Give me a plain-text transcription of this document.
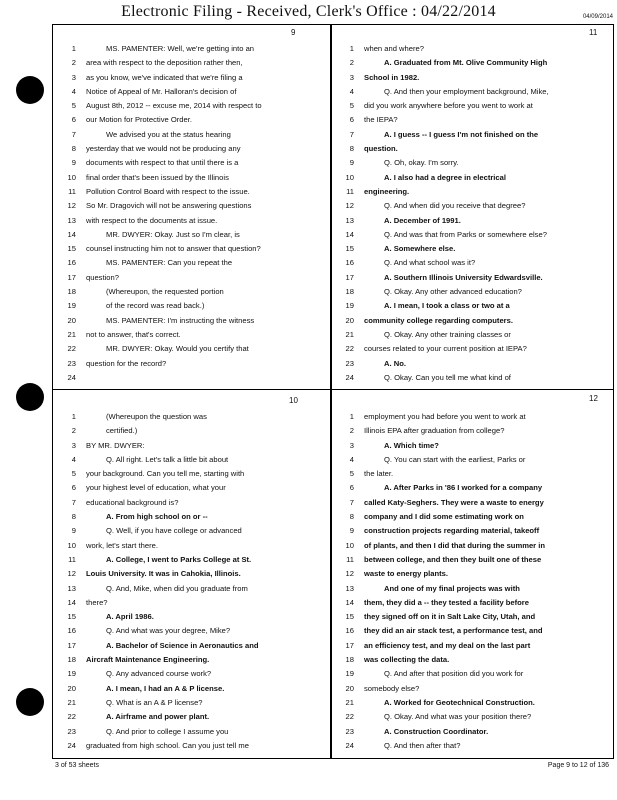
Electronic Filing - Received, Clerk's Office : 04/22/2014	04/09/2014
9
1	MS. PAMENTER: Well, we're getting into an
2 area with respect to the deposition rather then,
3 as you know, we've indicated that we're filing a
4 Notice of Appeal of Mr. Halloran's decision of
5 August 8th, 2012 -- excuse me, 2014 with respect to
6 our Motion for Protective Order.
7	We advised you at the status hearing
8 yesterday that we would not be producing any
9 documents with respect to that until there is a
10 final order that's been issued by the Illinois
11 Pollution Control Board with respect to the issue.
12 So Mr. Dragovich will not be answering questions
13 with respect to the documents at issue.
14	MR. DWYER: Okay. Just so I'm clear, is
15 counsel instructing him not to answer that question?
16	MS. PAMENTER: Can you repeat the
17 question?
18	(Whereupon, the requested portion
19	of the record was read back.)
20	MS. PAMENTER: I'm instructing the witness
21 not to answer, that's correct.
22	MR. DWYER: Okay. Would you certify that
23 question for the record?
24
11
1 when and where?
2	A. Graduated from Mt. Olive Community High
3 School in 1982.
4	Q. And then your employment background, Mike,
5 did you work anywhere before you went to work at
6 the IEPA?
7	A. I guess -- I guess I'm not finished on the
8 question.
9	Q. Oh, okay. I'm sorry.
10	A. I also had a degree in electrical
11 engineering.
12	Q. And when did you receive that degree?
13	A. December of 1991.
14	Q. And was that from Parks or somewhere else?
15	A. Somewhere else.
16	Q. And what school was it?
17	A. Southern Illinois University Edwardsville.
18	Q. Okay. Any other advanced education?
19	A. I mean, I took a class or two at a
20 community college regarding computers.
21	Q. Okay. Any other training classes or
22 courses related to your current position at IEPA?
23	A. No.
24	Q. Okay. Can you tell me what kind of
10
1	(Whereupon the question was
2	certified.)
3 BY MR. DWYER:
4	Q. All right. Let's talk a little bit about
5 your background. Can you tell me, starting with
6 your highest level of education, what your
7 educational background is?
8	A. From high school on or --
9	Q. Well, if you have college or advanced
10 work, let's start there.
11	A. College, I went to Parks College at St.
12 Louis University. It was in Cahokia, Illinois.
13	Q. And, Mike, when did you graduate from
14 there?
15	A. April 1986.
16	Q. And what was your degree, Mike?
17	A. Bachelor of Science in Aeronautics and
18 Aircraft Maintenance Engineering.
19	Q. Any advanced course work?
20	A. I mean, I had an A & P license.
21	Q. What is an A & P license?
22	A. Airframe and power plant.
23	Q. And prior to college I assume you
24 graduated from high school. Can you just tell me
12
1 employment you had before you went to work at
2 Illinois EPA after graduation from college?
3	A. Which time?
4	Q. You can start with the earliest, Parks or
5 the later.
6	A. After Parks in '86 I worked for a company
7 called Katy-Seghers. They were a waste to energy
8 company and I did some estimating work on
9 construction projects regarding material, takeoff
10 of plants, and then I did that during the summer in
11 between college, and then they built one of these
12 waste to energy plants.
13	And one of my final projects was with
14 them, they did a -- they tested a facility before
15 they signed off on it in Salt Lake City, Utah, and
16 they did an air stack test, a performance test, and
17 an efficiency test, and my deal on the last part
18 was collecting the data.
19	Q. And after that position did you work for
20 somebody else?
21	A. Worked for Geotechnical Construction.
22	Q. Okay. And what was your position there?
23	A. Construction Coordinator.
24	Q. And then after that?
3 of 53 sheets	Page 9 to 12 of 136
